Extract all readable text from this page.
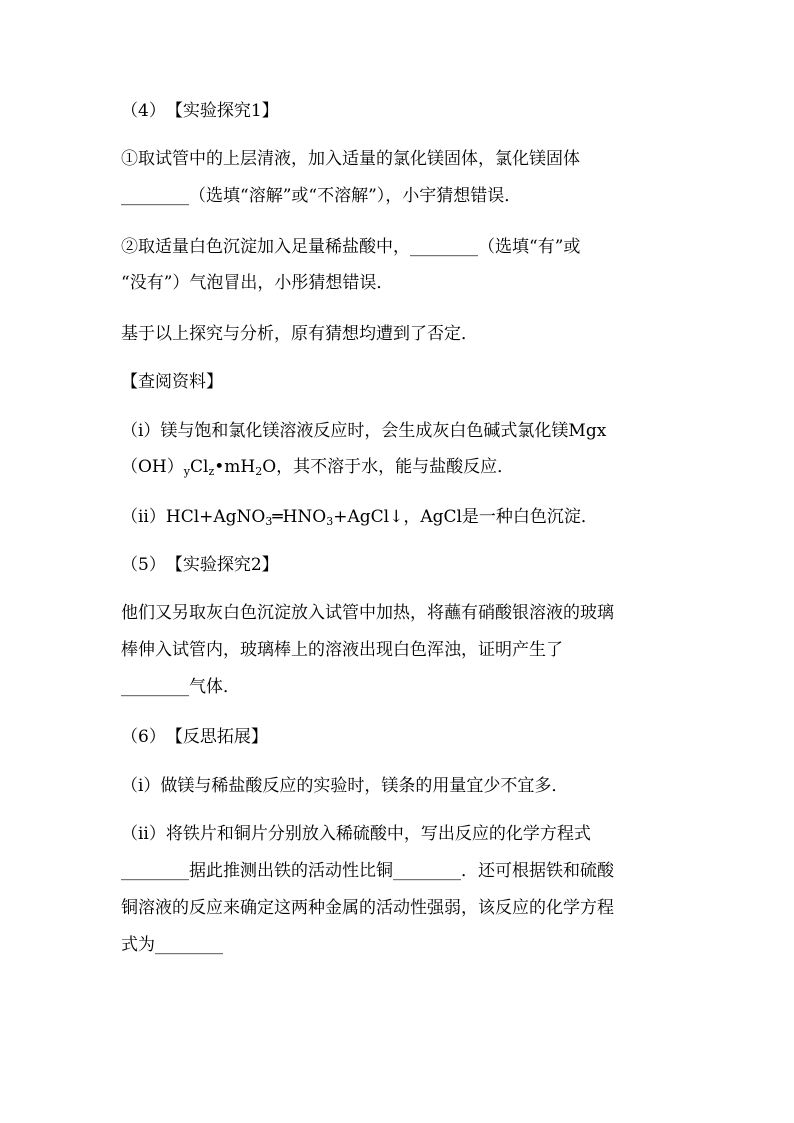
（4）　【实验探究1】
①取试管中的上层清液，加入适量的氯化镁固体，氯化镁固体
________（选填“溶解”或“不溶解”），小宇猜想错误．
②取适量白色沉淀加入足量稀盐酸中，________（选填“有”或
“没有”）气泡冒出，小彤猜想错误．
基于以上探究与分析，原有猜想均遭到了否定．
【查阅资料】
（i）镁与饱和氯化镁溶液反应时，会生成灰白色碱式氯化镁Mgx
$(OH)_yCl_z•mH_2O$，其不溶于水，能与盐酸反应．
$(ii)HCl+AgNO_3═HNO_3+AgCl↓$，AgCl是一种白色沉淀．
（5）　【实验探究2】
他们又另取灰白色沉淀放入试管中加热，将蘸有硝酸银溶液的玻璃
棒伸入试管内，玻璃棒上的溶液出现白色浑浊，证明产生了
________气体．
（6）　【反思拓展】
（i）做镁与稀盐酸反应的实验时，镁条的用量宜少不宜多．
（ii）将铁片和铜片分别放入稀硫酸中，写出反应的化学方程式
________据此推测出铁的活动性比铜________．还可根据铁和硫酸
铜溶液的反应来确定这两种金属的活动性强弱，该反应的化学方程
式为________
